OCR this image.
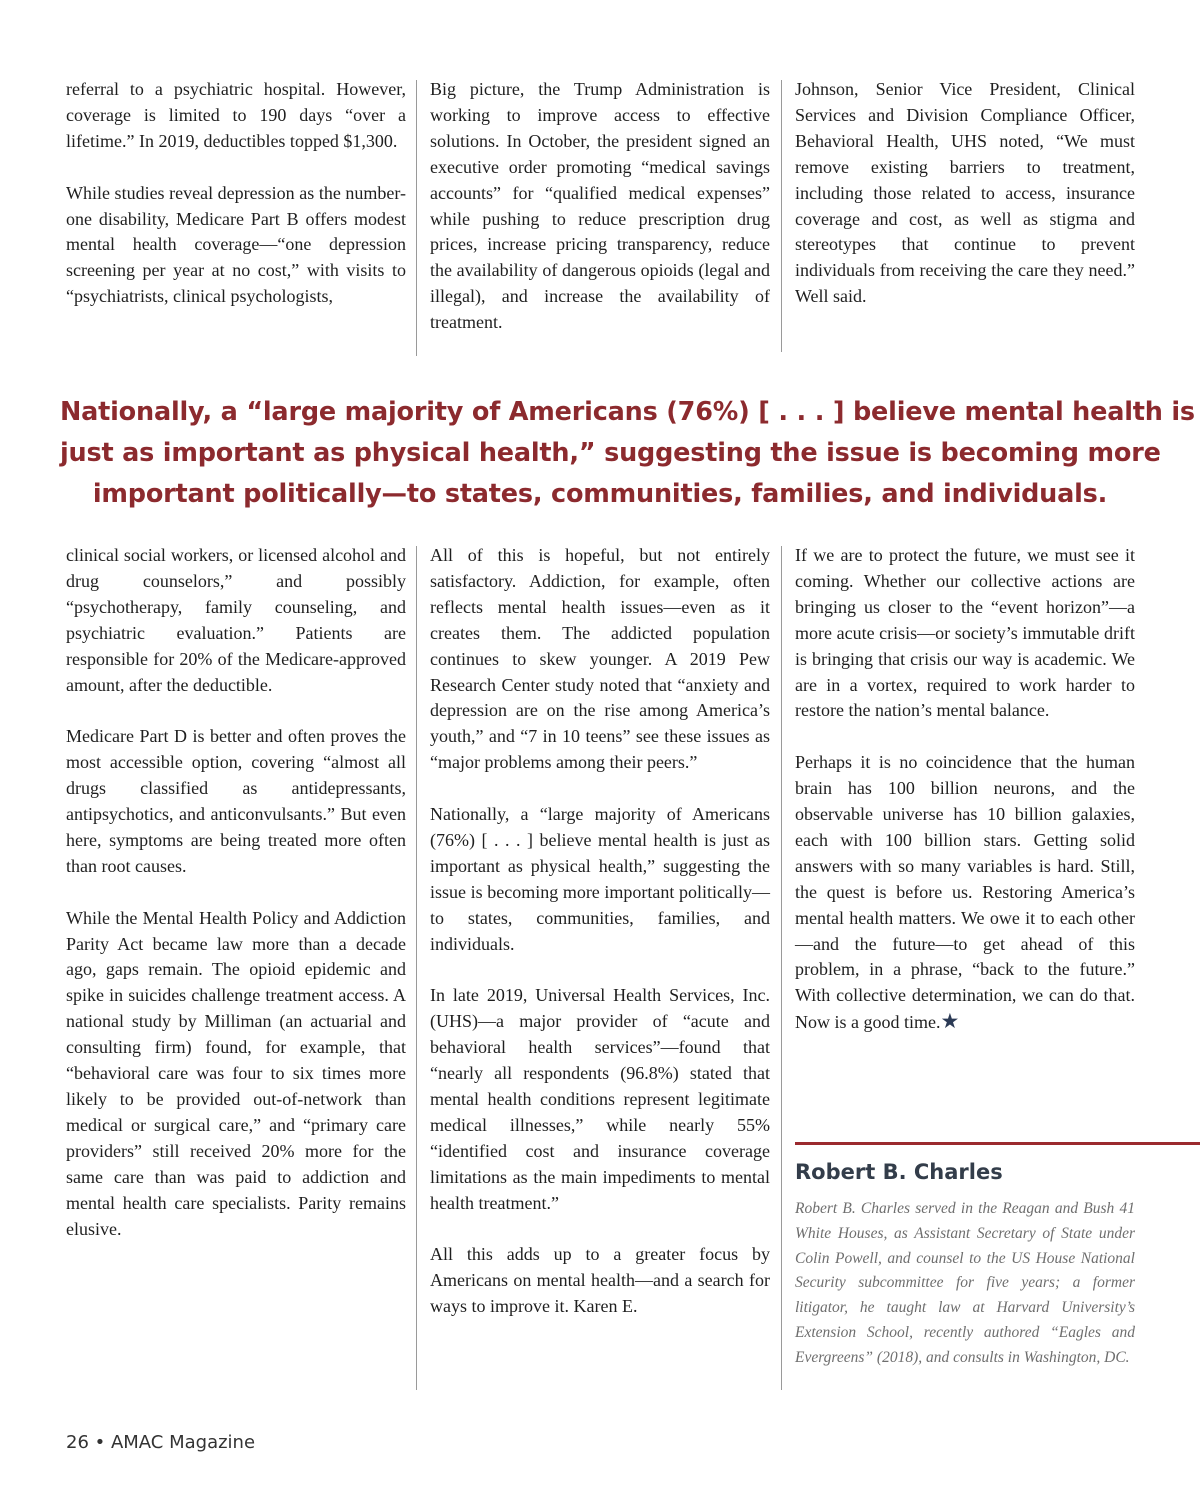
referral to a psychiatric hospital. However, coverage is limited to 190 days “over a lifetime.” In 2019, deductibles topped $1,300.

While studies reveal depression as the number-one disability, Medicare Part B offers modest mental health coverage—“one depression screening per year at no cost,” with visits to “psychiatrists, clinical psychologists,

Big picture, the Trump Administration is working to improve access to effective solutions. In October, the president signed an executive order promoting “medical savings accounts” for “qualified medical expenses” while pushing to reduce prescription drug prices, increase pricing transparency, reduce the availability of dangerous opioids (legal and illegal), and increase the availability of treatment.

Johnson, Senior Vice President, Clinical Services and Division Compliance Officer, Behavioral Health, UHS noted, “We must remove existing barriers to treatment, including those related to access, insurance coverage and cost, as well as stigma and stereotypes that continue to prevent individuals from receiving the care they need.” Well said.

Nationally, a “large majority of Americans (76%) [ . . . ] believe mental health is
just as important as physical health,” suggesting the issue is becoming more
important politically—to states, communities, families, and individuals.

clinical social workers, or licensed alcohol and drug counselors,” and possibly “psychotherapy, family counseling, and psychiatric evaluation.” Patients are responsible for 20% of the Medicare-approved amount, after the deductible.

Medicare Part D is better and often proves the most accessible option, covering “almost all drugs classified as antidepressants, antipsychotics, and anticonvulsants.” But even here, symptoms are being treated more often than root causes.

While the Mental Health Policy and Addiction Parity Act became law more than a decade ago, gaps remain. The opioid epidemic and spike in suicides challenge treatment access. A national study by Milliman (an actuarial and consulting firm) found, for example, that “behavioral care was four to six times more likely to be provided out-of-network than medical or surgical care,” and “primary care providers” still received 20% more for the same care than was paid to addiction and mental health care specialists. Parity remains elusive.

All of this is hopeful, but not entirely satisfactory. Addiction, for example, often reflects mental health issues—even as it creates them. The addicted population continues to skew younger. A 2019 Pew Research Center study noted that “anxiety and depression are on the rise among America’s youth,” and “7 in 10 teens” see these issues as “major problems among their peers.”

Nationally, a “large majority of Americans (76%) [ . . . ] believe mental health is just as important as physical health,” suggesting the issue is becoming more important politically—to states, communities, families, and individuals.

In late 2019, Universal Health Services, Inc. (UHS)—a major provider of “acute and behavioral health services”—found that “nearly all respondents (96.8%) stated that mental health conditions represent legitimate medical illnesses,” while nearly 55% “identified cost and insurance coverage limitations as the main impediments to mental health treatment.”

All this adds up to a greater focus by Americans on mental health—and a search for ways to improve it. Karen E.

If we are to protect the future, we must see it coming. Whether our collective actions are bringing us closer to the “event horizon”—a more acute crisis—or society’s immutable drift is bringing that crisis our way is academic. We are in a vortex, required to work harder to restore the nation’s mental balance.

Perhaps it is no coincidence that the human brain has 100 billion neurons, and the observable universe has 10 billion galaxies, each with 100 billion stars. Getting solid answers with so many variables is hard. Still, the quest is before us. Restoring America’s mental health matters. We owe it to each other—and the future—to get ahead of this problem, in a phrase, “back to the future.” With collective determination, we can do that. Now is a good time.★

Robert B. Charles
Robert B. Charles served in the Reagan and Bush 41 White Houses, as Assistant Secretary of State under Colin Powell, and counsel to the US House National Security subcommittee for five years; a former litigator, he taught law at Harvard University’s Extension School, recently authored “Eagles and Evergreens” (2018), and consults in Washington, DC.
26 • AMAC Magazine
